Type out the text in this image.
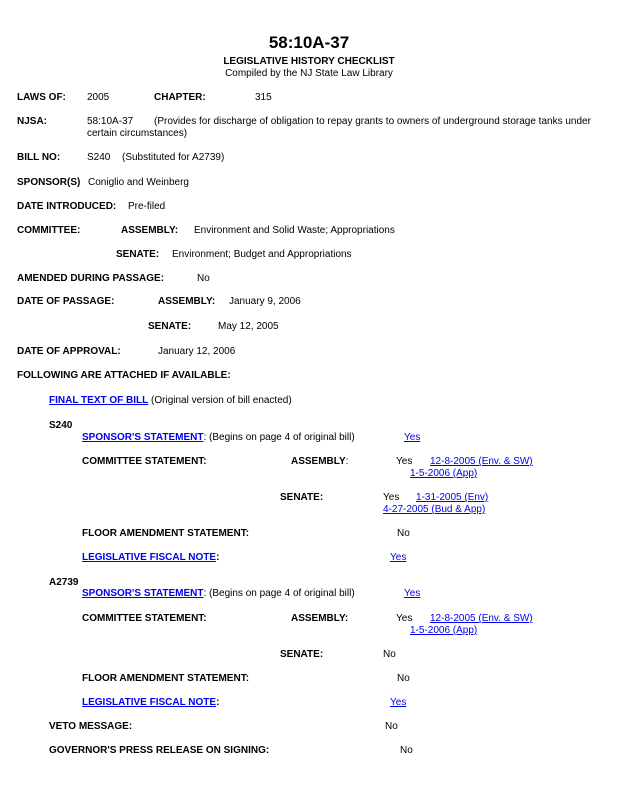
58:10A-37
LEGISLATIVE HISTORY CHECKLIST
Compiled by the NJ State Law Library
LAWS OF: 2005	CHAPTER:	315
NJSA:	58:10A-37 (Provides for discharge of obligation to repay grants to owners of underground storage tanks under
certain circumstances)
BILL NO:	S240 (Substituted for A2739)
SPONSOR(S) Coniglio and Weinberg
DATE INTRODUCED: Pre-filed
COMMITTEE:	ASSEMBLY: Environment and Solid Waste; Appropriations
SENATE: Environment; Budget and Appropriations
AMENDED DURING PASSAGE:	No
DATE OF PASSAGE:	ASSEMBLY: January 9, 2006
SENATE:	May 12, 2005
DATE OF APPROVAL:	January 12, 2006
FOLLOWING ARE ATTACHED IF AVAILABLE:
FINAL TEXT OF BILL (Original version of bill enacted)
S240
SPONSOR'S STATEMENT: (Begins on page 4 of original bill)	Yes
COMMITTEE STATEMENT:	ASSEMBLY:	Yes 12-8-2005 (Env. & SW)
1-5-2006 (App)
SENATE:	Yes 1-31-2005 (Env)
4-27-2005 (Bud & App)
FLOOR AMENDMENT STATEMENT:	No
LEGISLATIVE FISCAL NOTE:	Yes
A2739
SPONSOR'S STATEMENT: (Begins on page 4 of original bill)	Yes
COMMITTEE STATEMENT:	ASSEMBLY:	Yes 12-8-2005 (Env. & SW)
1-5-2006 (App)
SENATE:	No
FLOOR AMENDMENT STATEMENT:	No
LEGISLATIVE FISCAL NOTE:	Yes
VETO MESSAGE:	No
GOVERNOR'S PRESS RELEASE ON SIGNING:	No
